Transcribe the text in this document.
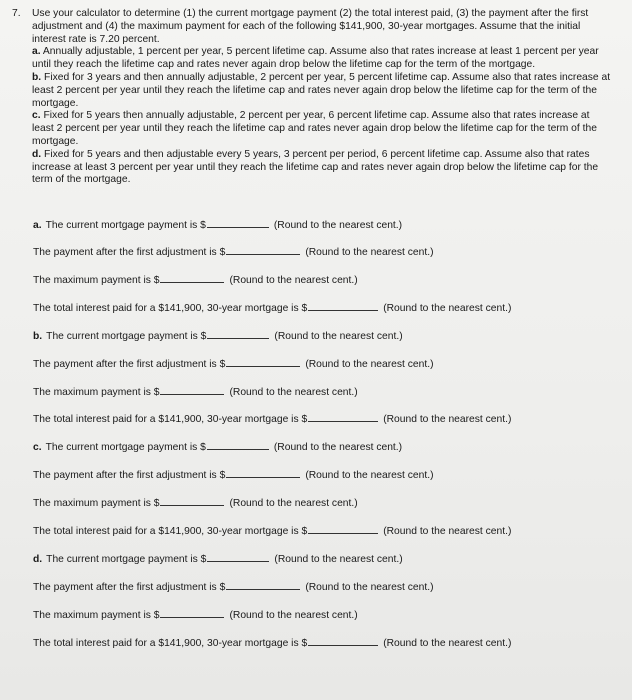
7. Use your calculator to determine (1) the current mortgage payment (2) the total interest paid, (3) the payment after the first adjustment and (4) the maximum payment for each of the following $141,900, 30-year mortgages. Assume that the initial interest rate is 7.20 percent.

a. Annually adjustable, 1 percent per year, 5 percent lifetime cap. Assume also that rates increase at least 1 percent per year until they reach the lifetime cap and rates never again drop below the lifetime cap for the term of the mortgage.

b. Fixed for 3 years and then annually adjustable, 2 percent per year, 5 percent lifetime cap. Assume also that rates increase at least 2 percent per year until they reach the lifetime cap and rates never again drop below the lifetime cap for the term of the mortgage.

c. Fixed for 5 years then annually adjustable, 2 percent per year, 6 percent lifetime cap. Assume also that rates increase at least 2 percent per year until they reach the lifetime cap and rates never again drop below the lifetime cap for the term of the mortgage.

d. Fixed for 5 years and then adjustable every 5 years, 3 percent per period, 6 percent lifetime cap. Assume also that rates increase at least 3 percent per year until they reach the lifetime cap and rates never again drop below the lifetime cap for the term of the mortgage.

a. The current mortgage payment is $	(Round to the nearest cent.)
The payment after the first adjustment is $	(Round to the nearest cent.)
The maximum payment is $	(Round to the nearest cent.)
The total interest paid for a $141,900, 30-year mortgage is $	(Round to the nearest cent.)
b. The current mortgage payment is $	(Round to the nearest cent.)
The payment after the first adjustment is $	(Round to the nearest cent.)
The maximum payment is $	(Round to the nearest cent.)
The total interest paid for a $141,900, 30-year mortgage is $	(Round to the nearest cent.)
c. The current mortgage payment is $	(Round to the nearest cent.)
The payment after the first adjustment is $	(Round to the nearest cent.)
The maximum payment is $	(Round to the nearest cent.)
The total interest paid for a $141,900, 30-year mortgage is $	(Round to the nearest cent.)
d. The current mortgage payment is $	(Round to the nearest cent.)
The payment after the first adjustment is $	(Round to the nearest cent.)
The maximum payment is $	(Round to the nearest cent.)
The total interest paid for a $141,900, 30-year mortgage is $	(Round to the nearest cent.)
